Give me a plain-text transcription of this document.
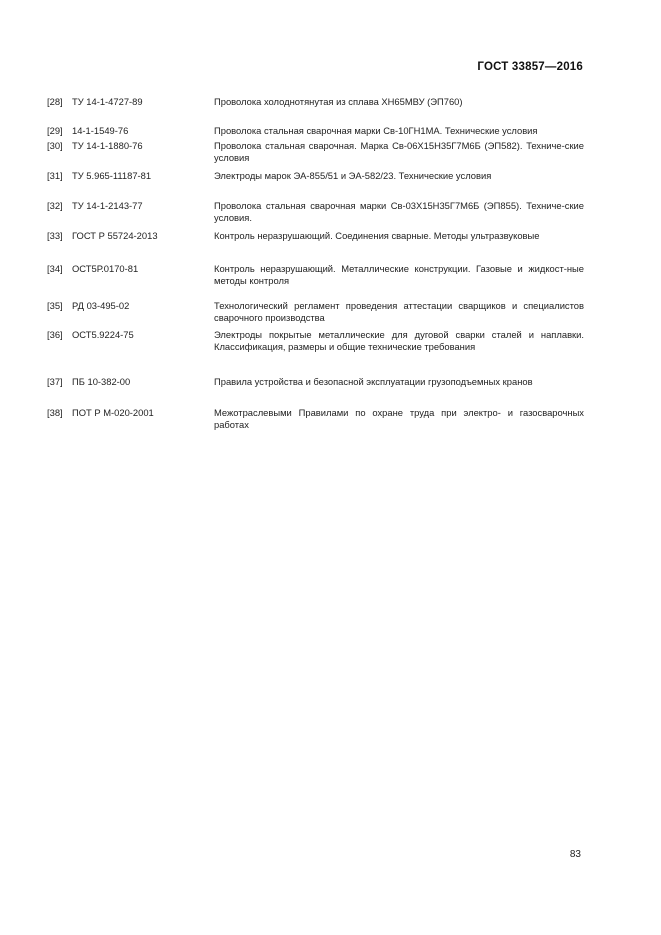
ГОСТ 33857—2016
[28] ТУ 14-1-4727-89	Проволока холоднотянутая из сплава ХН65МВУ (ЭП760)
[29] 14-1-1549-76	Проволока стальная сварочная марки Св-10ГН1МА. Технические условия
[30] ТУ 14-1-1880-76	Проволока стальная сварочная. Марка Св-06Х15Н35Г7М6Б (ЭП582). Техниче-ские условия
[31] ТУ 5.965-11187-81	Электроды марок ЭА-855/51 и ЭА-582/23. Технические условия
[32] ТУ 14-1-2143-77	Проволока стальная сварочная марки Св-03Х15Н35Г7М6Б (ЭП855). Техниче-ские условия.
[33] ГОСТ Р 55724-2013	Контроль неразрушающий. Соединения сварные. Методы ультразвуковые
[34] ОСТ5Р.0170-81	Контроль неразрушающий. Металлические конструкции. Газовые и жидкост-ные методы контроля
[35] РД 03-495-02	Технологический регламент проведения аттестации сварщиков и специалистов сварочного производства
[36] ОСТ5.9224-75	Электроды покрытые металлические для дуговой сварки сталей и наплавки. Классификация, размеры и общие технические требования
[37] ПБ 10-382-00	Правила устройства и безопасной эксплуатации грузоподъемных кранов
[38] ПОТ Р М-020-2001	Межотраслевыми Правилами по охране труда при электро- и газосварочных работах
83
